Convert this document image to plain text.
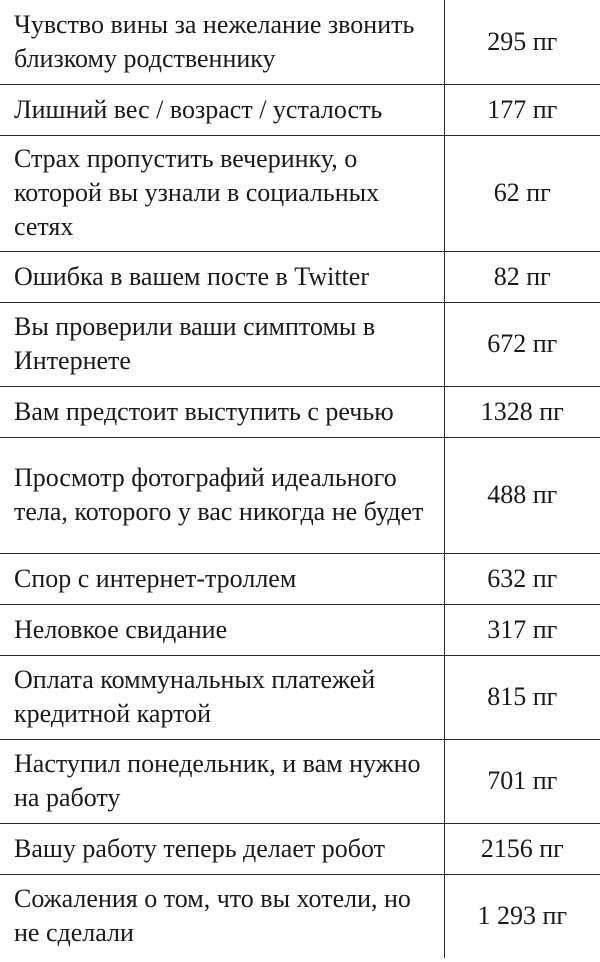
Чувство вины за нежелание звонить близкому родственнику	295 пг
Лишний вес / возраст / усталость	177 пг
Страх пропустить вечеринку, о которой вы узнали в социальных сетях	62 пг
Ошибка в вашем посте в Twitter	82 пг
Вы проверили ваши симптомы в Интернете	672 пг
Вам предстоит выступить с речью	1328 пг
Просмотр фотографий идеального тела, которого у вас никогда не будет	488 пг
Спор с интернет-троллем	632 пг
Неловкое свидание	317 пг
Оплата коммунальных платежей кредитной картой	815 пг
Наступил понедельник, и вам нужно на работу	701 пг
Вашу работу теперь делает робот	2156 пг
Сожаления о том, что вы хотели, но не сделали	1 293 пг
